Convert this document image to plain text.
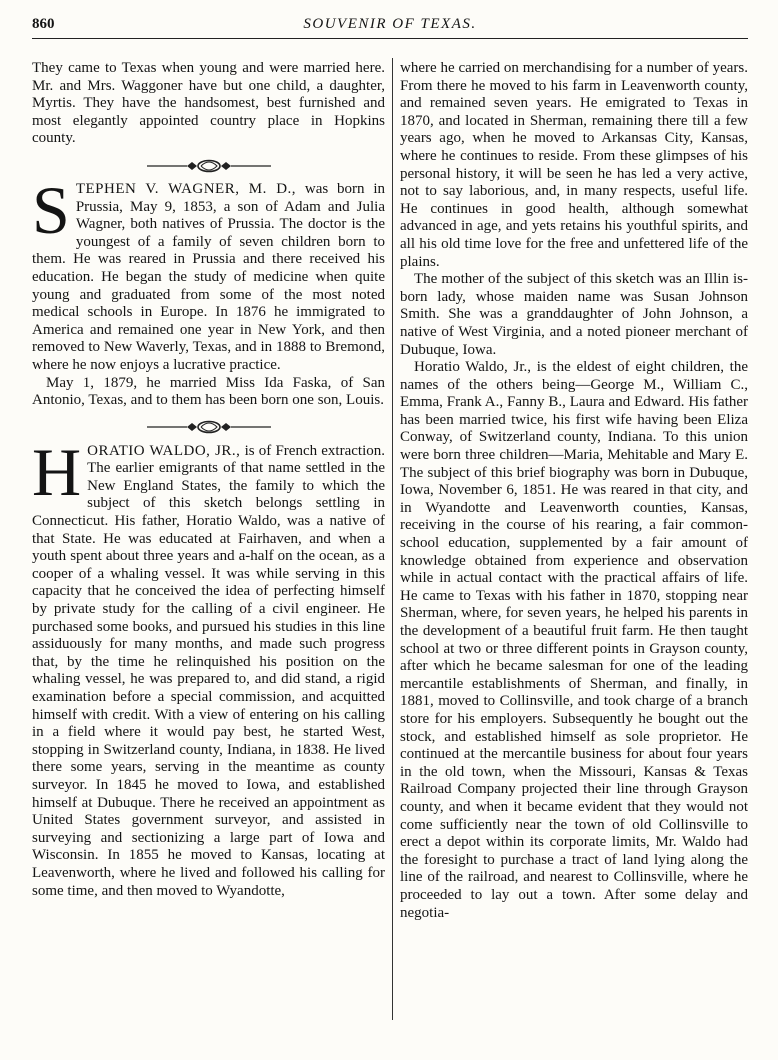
860	SOUVENIR OF TEXAS.

They came to Texas when young and were married here. Mr. and Mrs. Waggoner have but one child, a daughter, Myrtis. They have the handsomest, best furnished and most elegantly appointed country place in Hopkins county.

STEPHEN V. WAGNER, M. D., was born in Prussia, May 9, 1853, a son of Adam and Julia Wagner, both natives of Prussia. The doctor is the youngest of a family of seven children born to them. He was reared in Prussia and there received his education. He began the study of medicine when quite young and graduated from some of the most noted medical schools in Europe. In 1876 he immigrated to America and remained one year in New York, and then removed to New Waverly, Texas, and in 1888 to Bremond, where he now enjoys a lucrative practice.

May 1, 1879, he married Miss Ida Faska, of San Antonio, Texas, and to them has been born one son, Louis.

HORATIO WALDO, JR., is of French extraction. The earlier emigrants of that name settled in the New England States, the family to which the subject of this sketch belongs settling in Connecticut. His father, Horatio Waldo, was a native of that State. He was educated at Fairhaven, and when a youth spent about three years and a-half on the ocean, as a cooper of a whaling vessel. It was while serving in this capacity that he conceived the idea of perfecting himself by private study for the calling of a civil engineer. He purchased some books, and pursued his studies in this line assiduously for many months, and made such progress that, by the time he relinquished his position on the whaling vessel, he was prepared to, and did stand, a rigid examination before a special commission, and acquitted himself with credit. With a view of entering on his calling in a field where it would pay best, he started West, stopping in Switzerland county, Indiana, in 1838. He lived there some years, serving in the meantime as county surveyor. In 1845 he moved to Iowa, and established himself at Dubuque. There he received an appointment as United States government surveyor, and assisted in surveying and sectionizing a large part of Iowa and Wisconsin. In 1855 he moved to Kansas, locating at Leavenworth, where he lived and followed his calling for some time, and then moved to Wyandotte,

where he carried on merchandising for a number of years. From there he moved to his farm in Leavenworth county, and remained seven years. He emigrated to Texas in 1870, and located in Sherman, remaining there till a few years ago, when he moved to Arkansas City, Kansas, where he continues to reside. From these glimpses of his personal history, it will be seen he has led a very active, not to say laborious, and, in many respects, useful life. He continues in good health, although somewhat advanced in age, and yets retains his youthful spirits, and all his old time love for the free and unfettered life of the plains.

The mother of the subject of this sketch was an Illin is-born lady, whose maiden name was Susan Johnson Smith. She was a granddaughter of John Johnson, a native of West Virginia, and a noted pioneer merchant of Dubuque, Iowa.

Horatio Waldo, Jr., is the eldest of eight children, the names of the others being—George M., William C., Emma, Frank A., Fanny B., Laura and Edward. His father has been married twice, his first wife having been Eliza Conway, of Switzerland county, Indiana. To this union were born three children—Maria, Mehitable and Mary E. The subject of this brief biography was born in Dubuque, Iowa, November 6, 1851. He was reared in that city, and in Wyandotte and Leavenworth counties, Kansas, receiving in the course of his rearing, a fair common-school education, supplemented by a fair amount of knowledge obtained from experience and observation while in actual contact with the practical affairs of life. He came to Texas with his father in 1870, stopping near Sherman, where, for seven years, he helped his parents in the development of a beautiful fruit farm. He then taught school at two or three different points in Grayson county, after which he became salesman for one of the leading mercantile establishments of Sherman, and finally, in 1881, moved to Collinsville, and took charge of a branch store for his employers. Subsequently he bought out the stock, and established himself as sole proprietor. He continued at the mercantile business for about four years in the old town, when the Missouri, Kansas & Texas Railroad Company projected their line through Grayson county, and when it became evident that they would not come sufficiently near the town of old Collinsville to erect a depot within its corporate limits, Mr. Waldo had the foresight to purchase a tract of land lying along the line of the railroad, and nearest to Collinsville, where he proceeded to lay out a town. After some delay and negotia-
